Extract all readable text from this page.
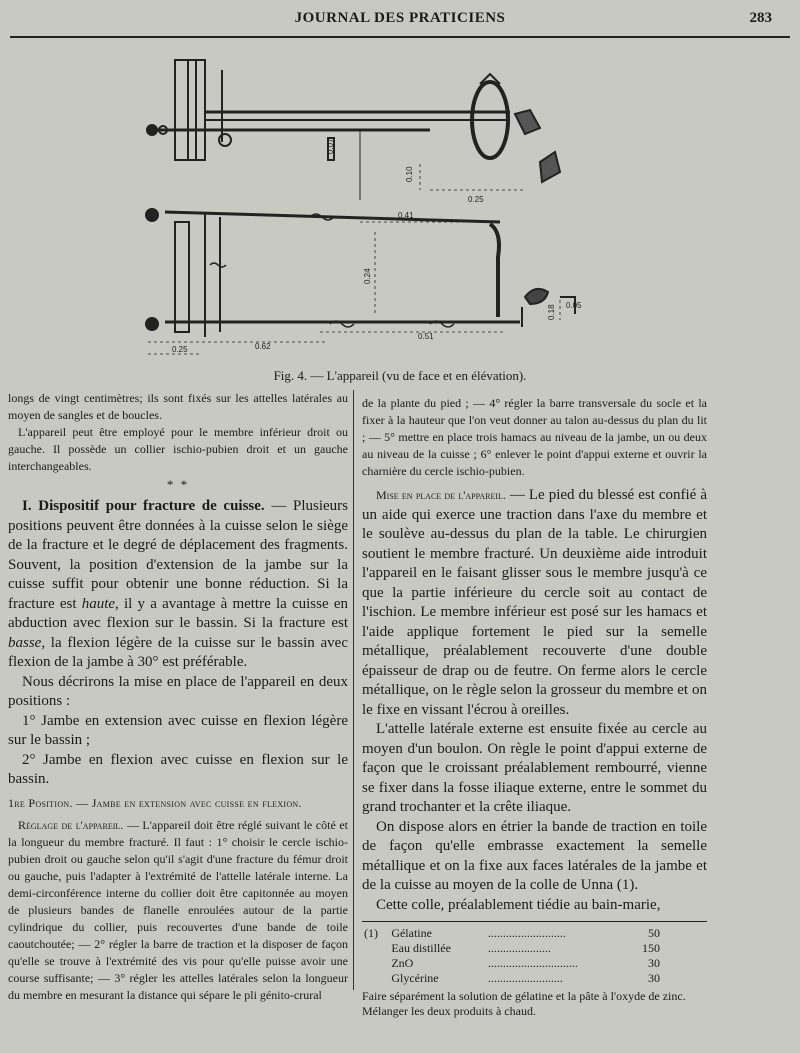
JOURNAL DES PRATICIENS	283
0.07
0.10
0.25
0.41
0.24
0.18 0.05
0.51
0.62
0.25
Fig. 4. — L'appareil (vu de face et en élévation).

longs de vingt centimètres; ils sont fixés sur les attelles latérales au moyen de sangles et de boucles.

L'appareil peut être employé pour le membre inférieur droit ou gauche. Il possède un collier ischio-pubien droit et un gauche interchangeables.

* *

I. Dispositif pour fracture de cuisse. — Plusieurs positions peuvent être données à la cuisse selon le siège de la fracture et le degré de déplacement des fragments. Souvent, la position d'extension de la jambe sur la cuisse suffit pour obtenir une bonne réduction. Si la fracture est haute, il y a avantage à mettre la cuisse en abduction avec flexion sur le bassin. Si la fracture est basse, la flexion légère de la cuisse sur le bassin avec flexion de la jambe à 30° est préférable.

Nous décrirons la mise en place de l'appareil en deux positions :

1° Jambe en extension avec cuisse en flexion légère sur le bassin ;

2° Jambe en flexion avec cuisse en flexion sur le bassin.

1re Position. — Jambe en extension avec cuisse en flexion.

Réglage de l'appareil. — L'appareil doit être réglé suivant le côté et la longueur du membre fracturé. Il faut : 1° choisir le cercle ischio-pubien droit ou gauche selon qu'il s'agit d'une fracture du fémur droit ou gauche, puis l'adapter à l'extrémité de l'attelle latérale interne. La demi-circonférence interne du collier doit être capitonnée au moyen de plusieurs bandes de flanelle enroulées autour de la partie cylindrique du collier, puis recouvertes d'une bande de toile caoutchoutée; — 2° régler la barre de traction et la disposer de façon qu'elle se trouve à l'extrémité des vis pour qu'elle puisse avoir une course suffisante; — 3° régler les attelles latérales selon la longueur du membre en mesurant la distance qui sépare le pli génito-crural

de la plante du pied ; — 4° régler la barre transversale du socle et la fixer à la hauteur que l'on veut donner au talon au-dessus du plan du lit ; — 5° mettre en place trois hamacs au niveau de la jambe, un ou deux au niveau de la cuisse ; 6° enlever le point d'appui externe et ouvrir la charnière du cercle ischio-pubien.

Mise en place de l'appareil. — Le pied du blessé est confié à un aide qui exerce une traction dans l'axe du membre et le soulève au-dessus du plan de la table. Le chirurgien soutient le membre fracturé. Un deuxième aide introduit l'appareil en le faisant glisser sous le membre jusqu'à ce que la partie inférieure du cercle soit au contact de l'ischion. Le membre inférieur est posé sur les hamacs et l'aide applique fortement le pied sur la semelle métallique, préalablement recouverte d'une double épaisseur de drap ou de feutre. On ferme alors le cercle métallique, on le règle selon la grosseur du membre et on le fixe en vissant l'écrou à oreilles.

L'attelle latérale externe est ensuite fixée au cercle au moyen d'un boulon. On règle le point d'appui externe de façon que le croissant préalablement rembourré, vienne se fixer dans la fosse iliaque externe, entre le sommet du grand trochanter et la crête iliaque.

On dispose alors en étrier la bande de traction en toile de façon qu'elle embrasse exactement la semelle métallique et on la fixe aux faces latérales de la jambe et de la cuisse au moyen de la colle de Unna (1).

Cette colle, préalablement tiédie au bain-marie,

(1)	Gélatine	..........................	50
	Eau distillée	.....................	150
	ZnO	..............................	30
	Glycérine	.........................	30
Faire séparément la solution de gélatine et la pâte à l'oxyde de zinc. Mélanger les deux produits à chaud.
